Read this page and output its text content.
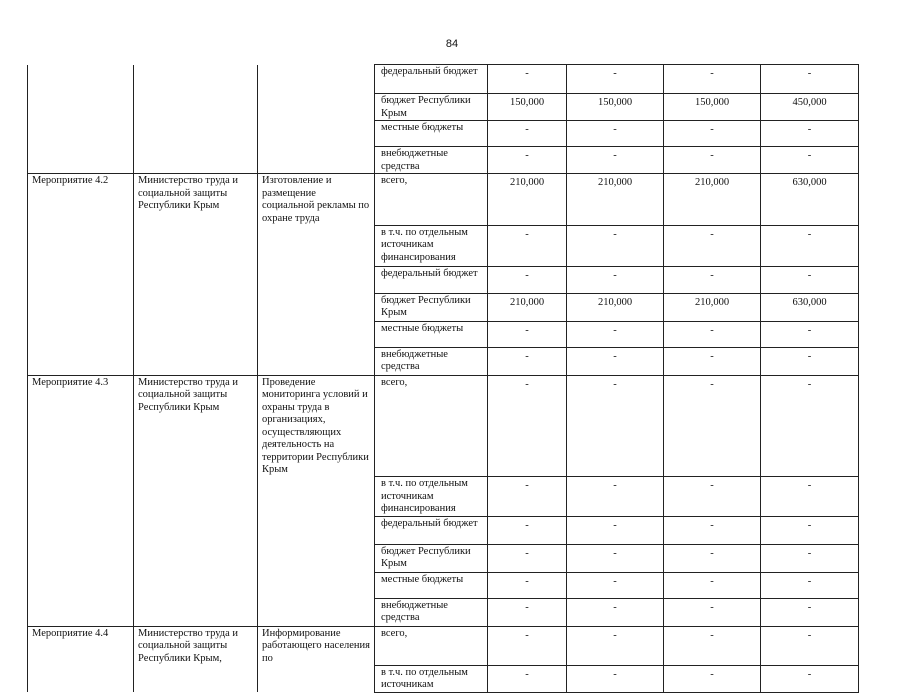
84
			федеральный бюджет	-	-	-	-
			бюджет Республики Крым	150,000	150,000	150,000	450,000
			местные бюджеты	-	-	-	-
			внебюджетные средства	-	-	-	-
Мероприятие 4.2	Министерство труда и социальной защиты Республики Крым	Изготовление и размещение социальной рекламы по охране труда	всего,	210,000	210,000	210,000	630,000
			в т.ч. по отдельным источникам финансирования	-	-	-	-
			федеральный бюджет	-	-	-	-
			бюджет Республики Крым	210,000	210,000	210,000	630,000
			местные бюджеты	-	-	-	-
			внебюджетные средства	-	-	-	-
Мероприятие 4.3	Министерство труда и социальной защиты Республики Крым	Проведение мониторинга условий и охраны труда в организациях, осуществляющих деятельность на территории Республики Крым	всего,	-	-	-	-
			в т.ч. по отдельным источникам финансирования	-	-	-	-
			федеральный бюджет	-	-	-	-
			бюджет Республики Крым	-	-	-	-
			местные бюджеты	-	-	-	-
			внебюджетные средства	-	-	-	-
Мероприятие 4.4	Министерство труда и социальной защиты Республики Крым,	Информирование работающего населения по	всего,	-	-	-	-
			в т.ч. по отдельным источникам	-	-	-	-
